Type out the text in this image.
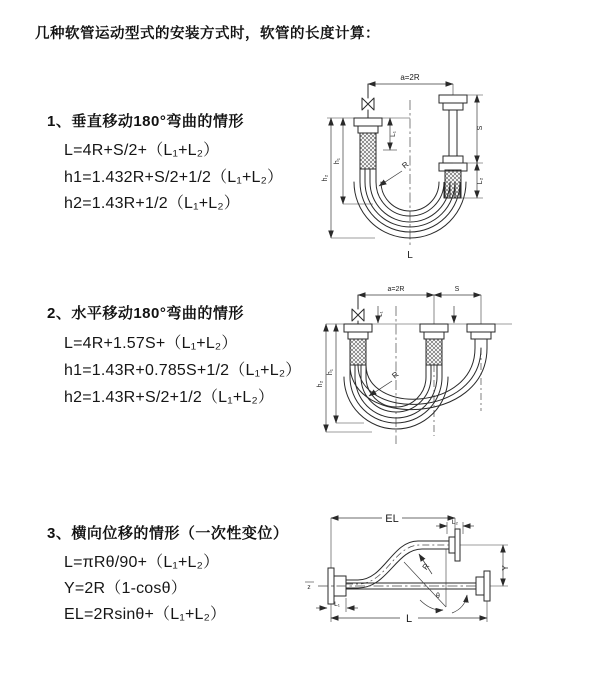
几种软管运动型式的安装方式时，软管的长度计算：
1、垂直移动180°弯曲的情形
L=4R+S/2+（L₁+L₂）
h1=1.432R+S/2+1/2（L₁+L₂）
h2=1.43R+1/2（L₁+L₂）
a=2R
h₁
h₂
L₁
S
L₂
R
L
2、水平移动180°弯曲的情形
L=4R+1.57S+（L₁+L₂）
h1=1.43R+0.785S+1/2（L₁+L₂）
h2=1.43R+S/2+1/2（L₁+L₂）
a=2R	S
L₁
h₁
h₂
R
3、横向位移的情形（一次性变位）
L=πRθ/90+（L₁+L₂）
Y=2R（1-cosθ）
EL=2Rsinθ+（L₁+L₂）
EL	L₂
Y
θ
R
L₁
L
z
